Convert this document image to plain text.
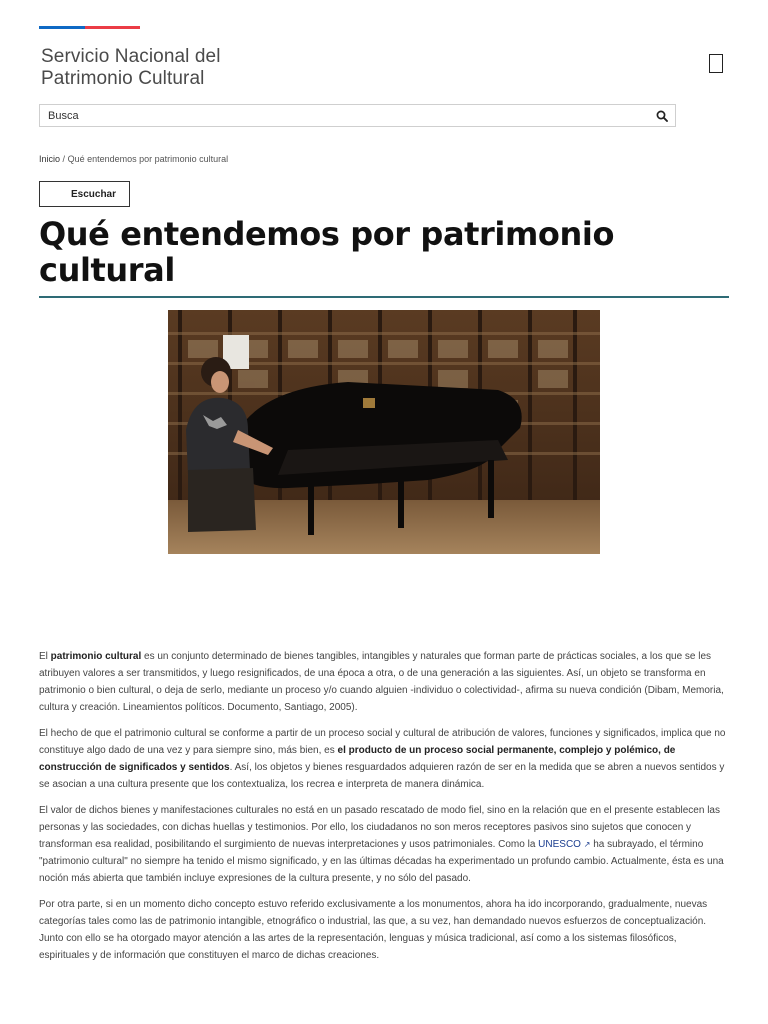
Servicio Nacional del
Patrimonio Cultural
Busca
Inicio / Qué entendemos por patrimonio cultural
Escuchar
Qué entendemos por patrimonio cultural

El patrimonio cultural es un conjunto determinado de bienes tangibles, intangibles y naturales que forman parte de prácticas sociales, a los que se les atribuyen valores a ser transmitidos, y luego resignificados, de una época a otra, o de una generación a las siguientes. Así, un objeto se transforma en patrimonio o bien cultural, o deja de serlo, mediante un proceso y/o cuando alguien -individuo o colectividad-, afirma su nueva condición (Dibam, Memoria, cultura y creación. Lineamientos políticos. Documento, Santiago, 2005).

El hecho de que el patrimonio cultural se conforme a partir de un proceso social y cultural de atribución de valores, funciones y significados, implica que no constituye algo dado de una vez y para siempre sino, más bien, es el producto de un proceso social permanente, complejo y polémico, de construcción de significados y sentidos. Así, los objetos y bienes resguardados adquieren razón de ser en la medida que se abren a nuevos sentidos y se asocian a una cultura presente que los contextualiza, los recrea e interpreta de manera dinámica.

El valor de dichos bienes y manifestaciones culturales no está en un pasado rescatado de modo fiel, sino en la relación que en el presente establecen las personas y las sociedades, con dichas huellas y testimonios. Por ello, los ciudadanos no son meros receptores pasivos sino sujetos que conocen y transforman esa realidad, posibilitando el surgimiento de nuevas interpretaciones y usos patrimoniales. Como la UNESCO ↗ ha subrayado, el término "patrimonio cultural" no siempre ha tenido el mismo significado, y en las últimas décadas ha experimentado un profundo cambio. Actualmente, ésta es una noción más abierta que también incluye expresiones de la cultura presente, y no sólo del pasado.

Por otra parte, si en un momento dicho concepto estuvo referido exclusivamente a los monumentos, ahora ha ido incorporando, gradualmente, nuevas categorías tales como las de patrimonio intangible, etnográfico o industrial, las que, a su vez, han demandado nuevos esfuerzos de conceptualización. Junto con ello se ha otorgado mayor atención a las artes de la representación, lenguas y música tradicional, así como a los sistemas filosóficos, espirituales y de información que constituyen el marco de dichas creaciones.
